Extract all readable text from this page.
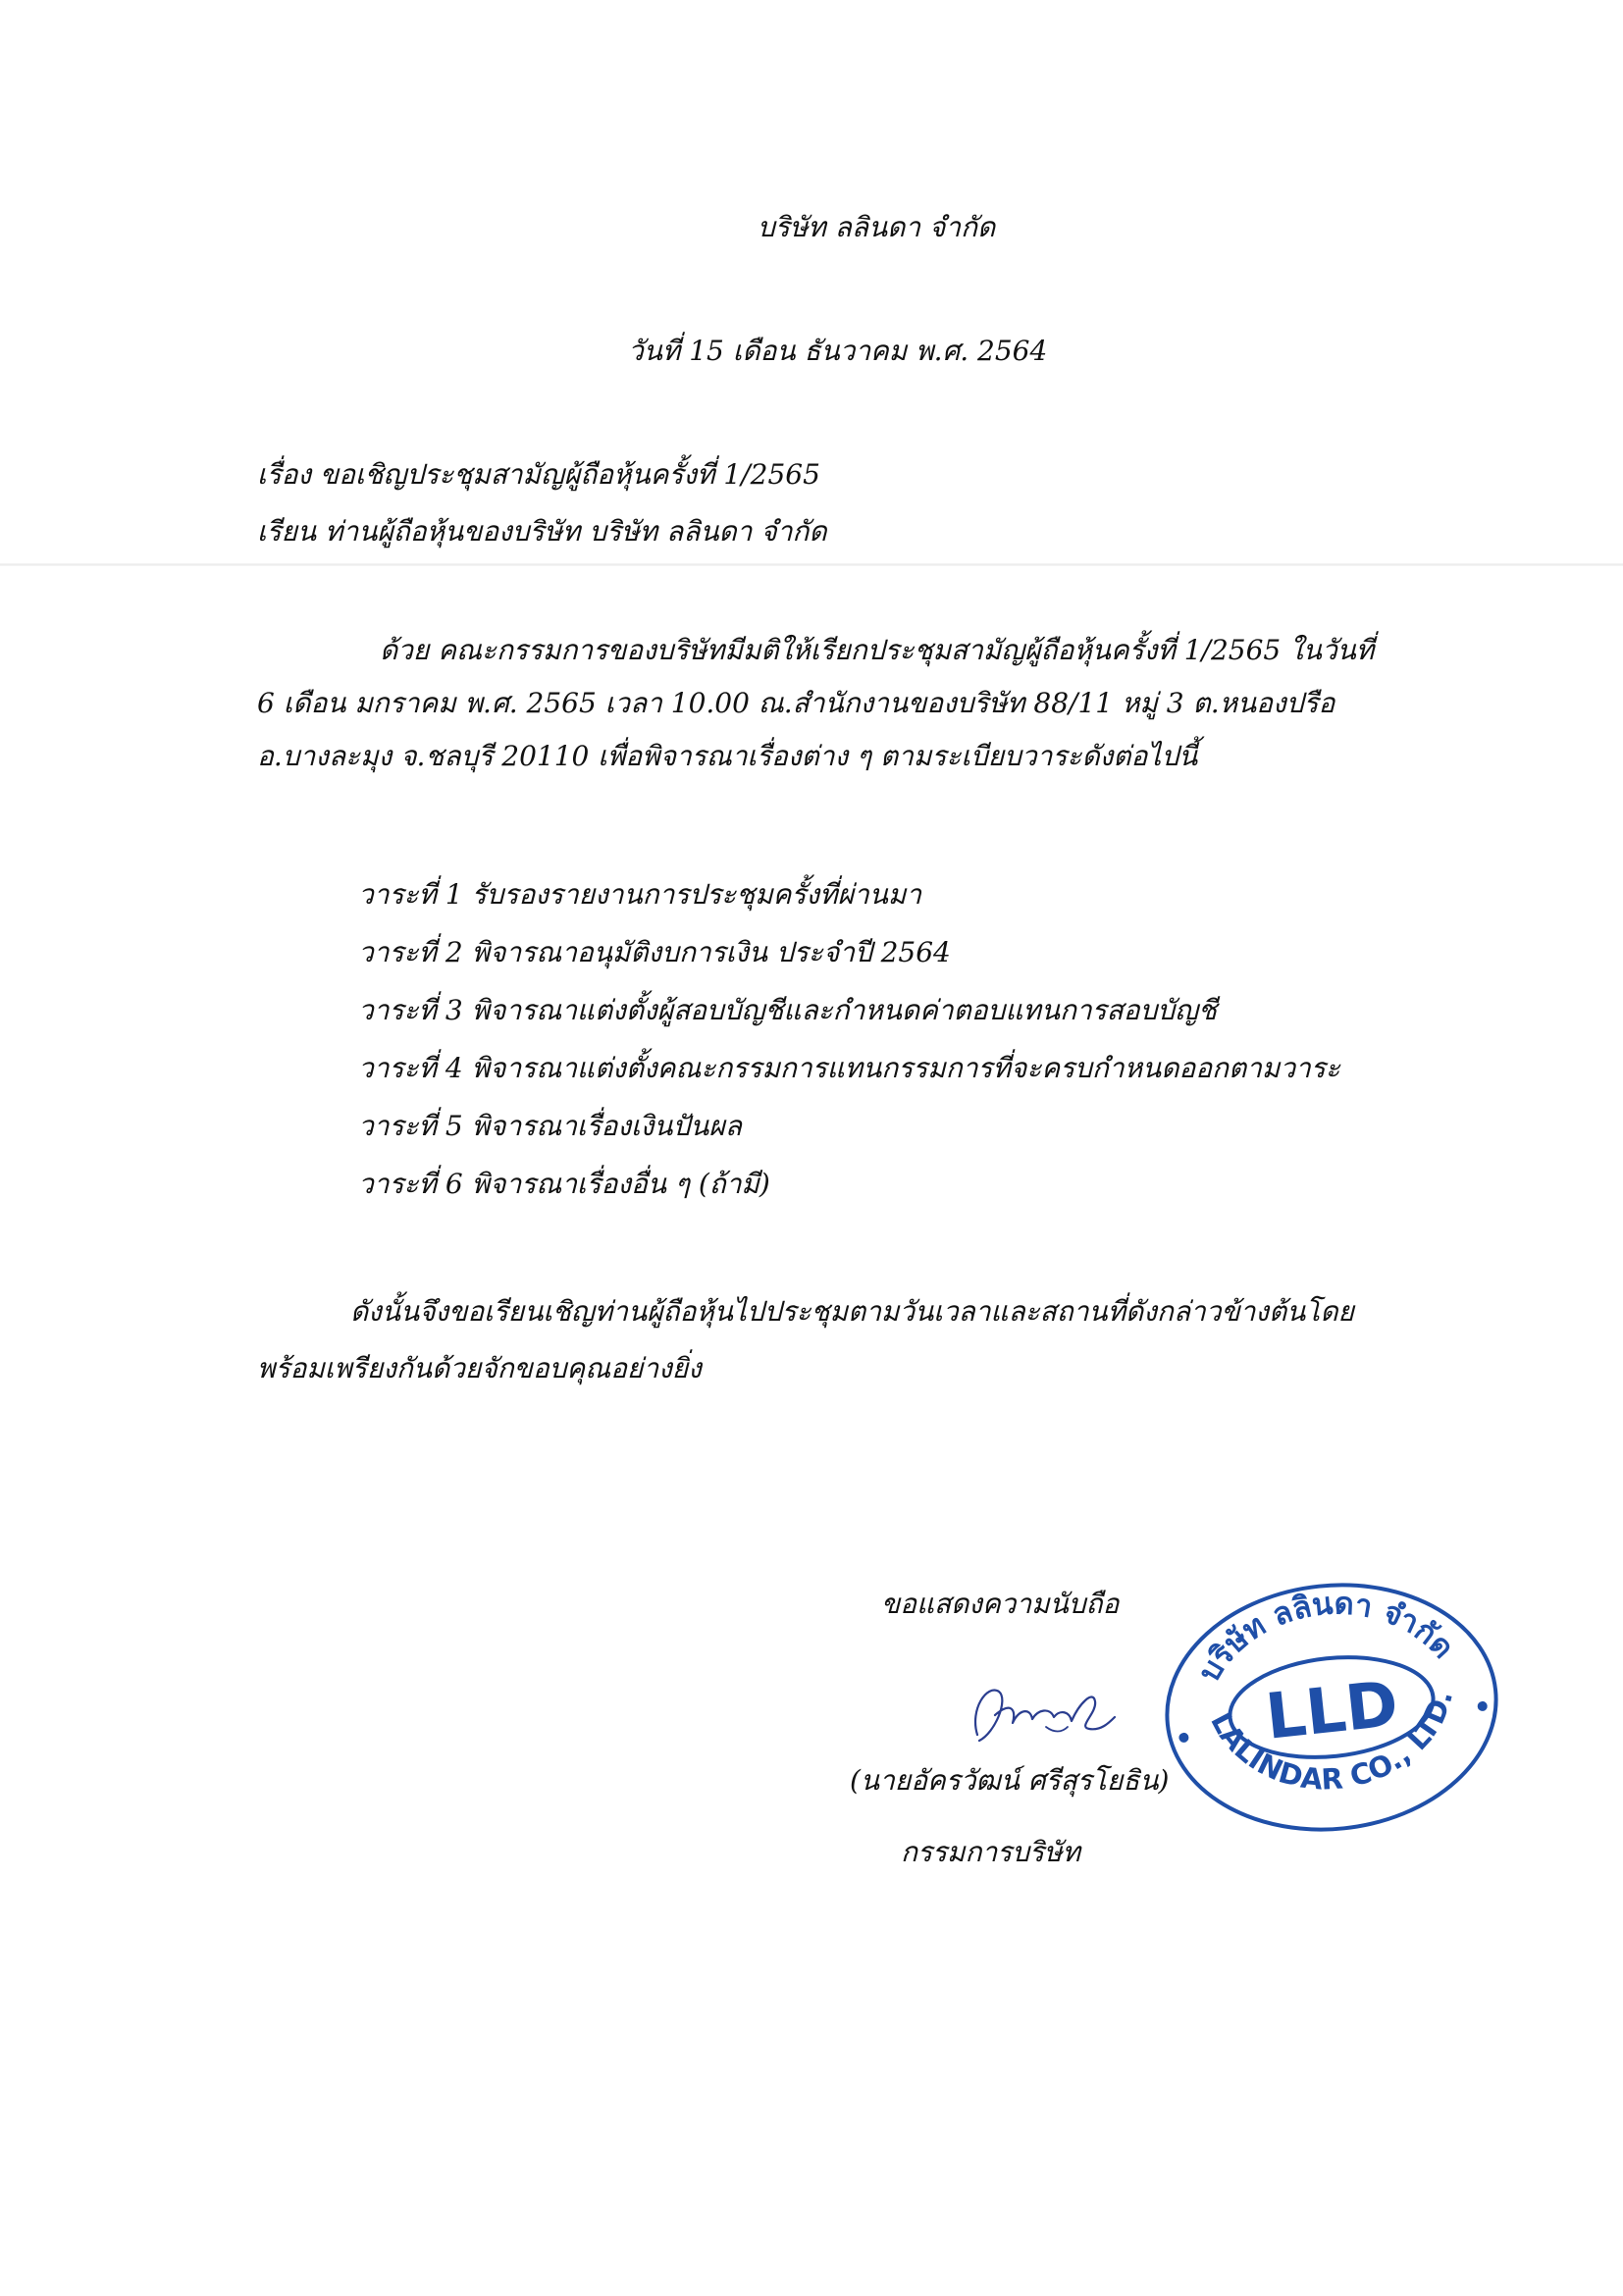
บริษัท ลลินดา จำกัด
วันที่ 15 เดือน ธันวาคม พ.ศ. 2564
เรื่อง ขอเชิญประชุมสามัญผู้ถือหุ้นครั้งที่ 1/2565
เรียน ท่านผู้ถือหุ้นของบริษัท บริษัท ลลินดา จำกัด
ด้วย คณะกรรมการของบริษัทมีมติให้เรียกประชุมสามัญผู้ถือหุ้นครั้งที่ 1/2565 ในวันที่
6 เดือน มกราคม พ.ศ. 2565 เวลา 10.00 ณ.สำนักงานของบริษัท 88/11 หมู่ 3 ต.หนองปรือ
อ.บางละมุง จ.ชลบุรี 20110 เพื่อพิจารณาเรื่องต่าง ๆ ตามระเบียบวาระดังต่อไปนี้
วาระที่ 1 รับรองรายงานการประชุมครั้งที่ผ่านมา
วาระที่ 2 พิจารณาอนุมัติงบการเงิน ประจำปี 2564
วาระที่ 3 พิจารณาแต่งตั้งผู้สอบบัญชีและกำหนดค่าตอบแทนการสอบบัญชี
วาระที่ 4 พิจารณาแต่งตั้งคณะกรรมการแทนกรรมการที่จะครบกำหนดออกตามวาระ
วาระที่ 5 พิจารณาเรื่องเงินปันผล
วาระที่ 6 พิจารณาเรื่องอื่น ๆ (ถ้ามี)
ดังนั้นจึงขอเรียนเชิญท่านผู้ถือหุ้นไปประชุมตามวันเวลาและสถานที่ดังกล่าวข้างต้นโดย
พร้อมเพรียงกันด้วยจักขอบคุณอย่างยิ่ง
ขอแสดงความนับถือ
(นายอัครวัฒน์ ศรีสุรโยธิน)
กรรมการบริษัท
บริษัท ลลินดา จำกัด
LLD
LALINDAR CO., LTD.
